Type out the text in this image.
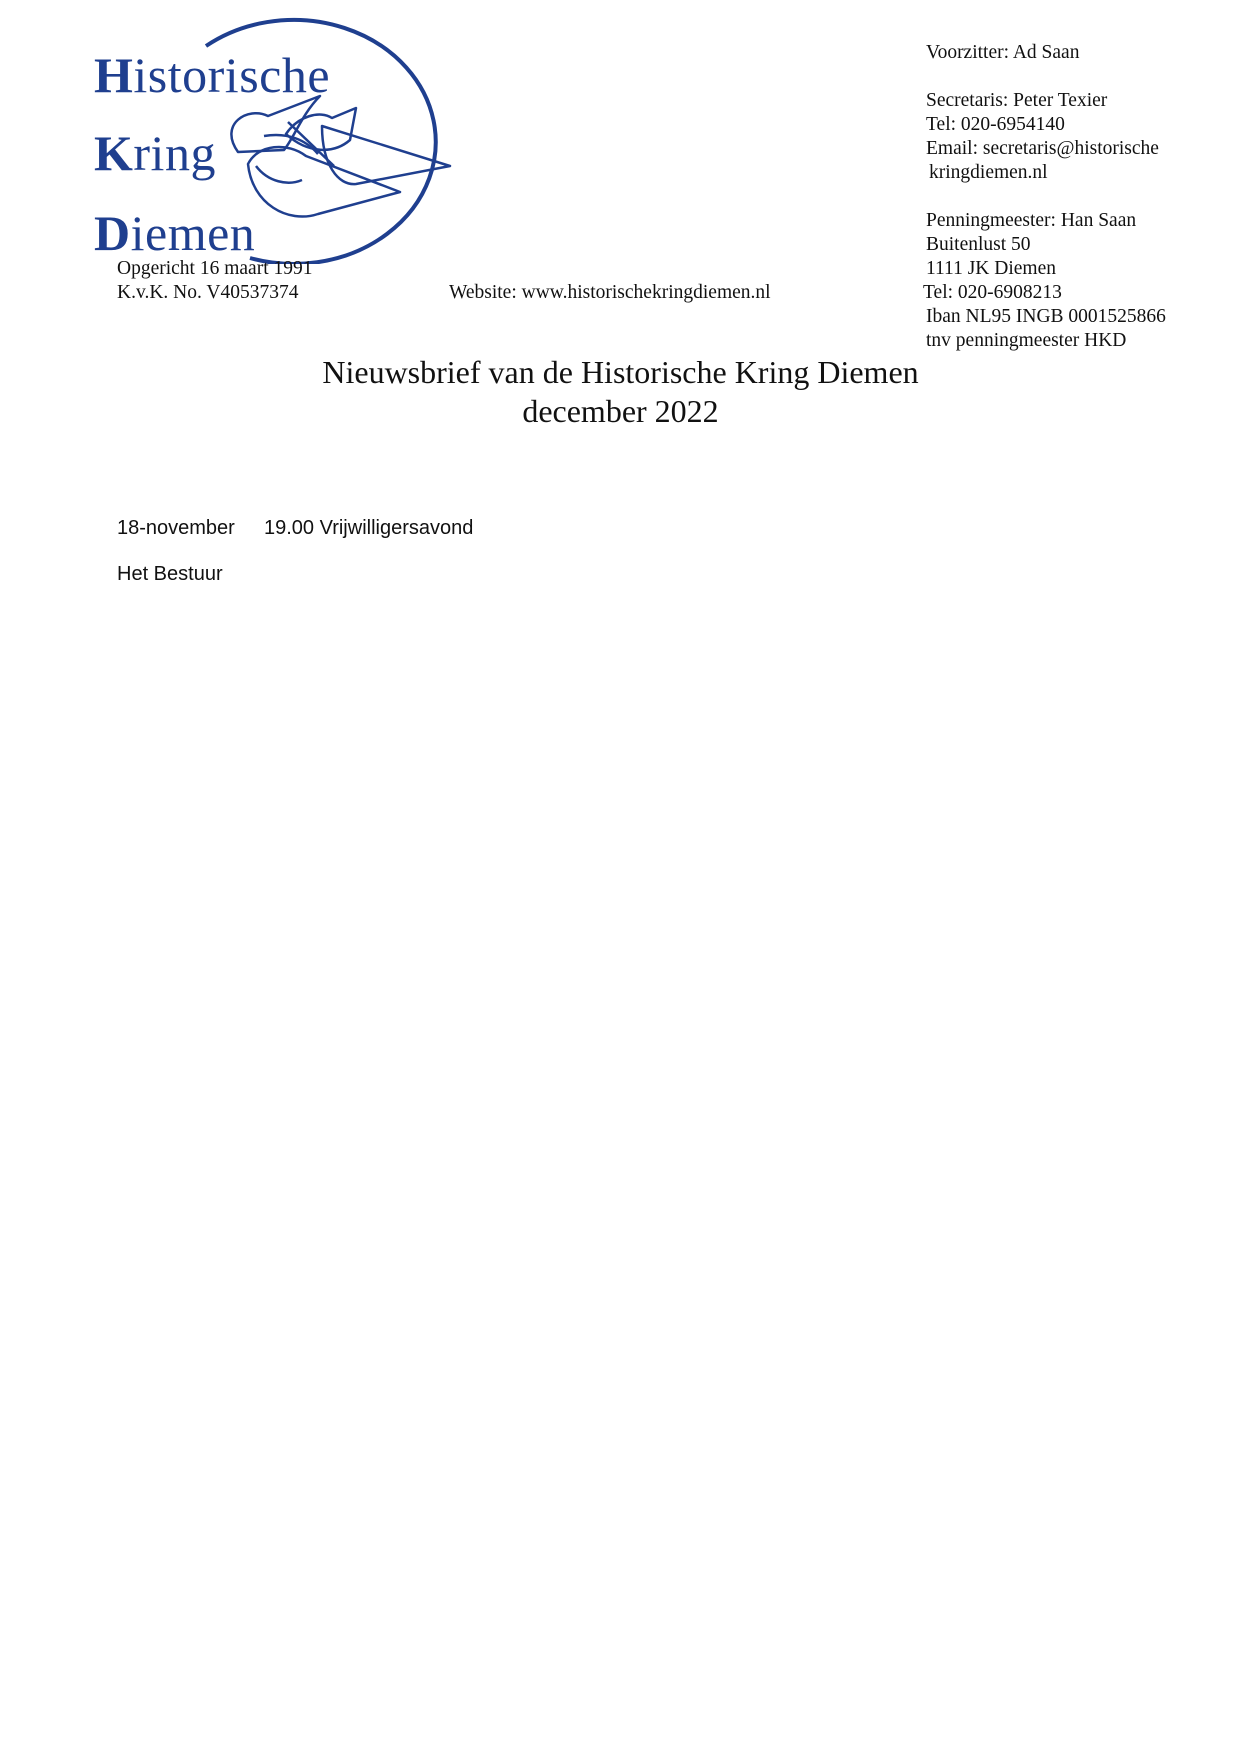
Historische
Kring
Diemen
Opgericht 16 maart 1991
K.v.K. No. V40537374	Website: www.historischekringdiemen.nl
Voorzitter: Ad Saan
Secretaris: Peter Texier
Tel: 020-6954140
Email: secretaris@historische
kringdiemen.nl
Penningmeester: Han Saan
Buitenlust 50
1111 JK Diemen
Tel: 020-6908213
Iban NL95 INGB 0001525866
tnv penningmeester HKD
Nieuwsbrief van de Historische Kring Diemen
december 2022
18-november 19.00 Vrijwilligersavond
Het Bestuur
